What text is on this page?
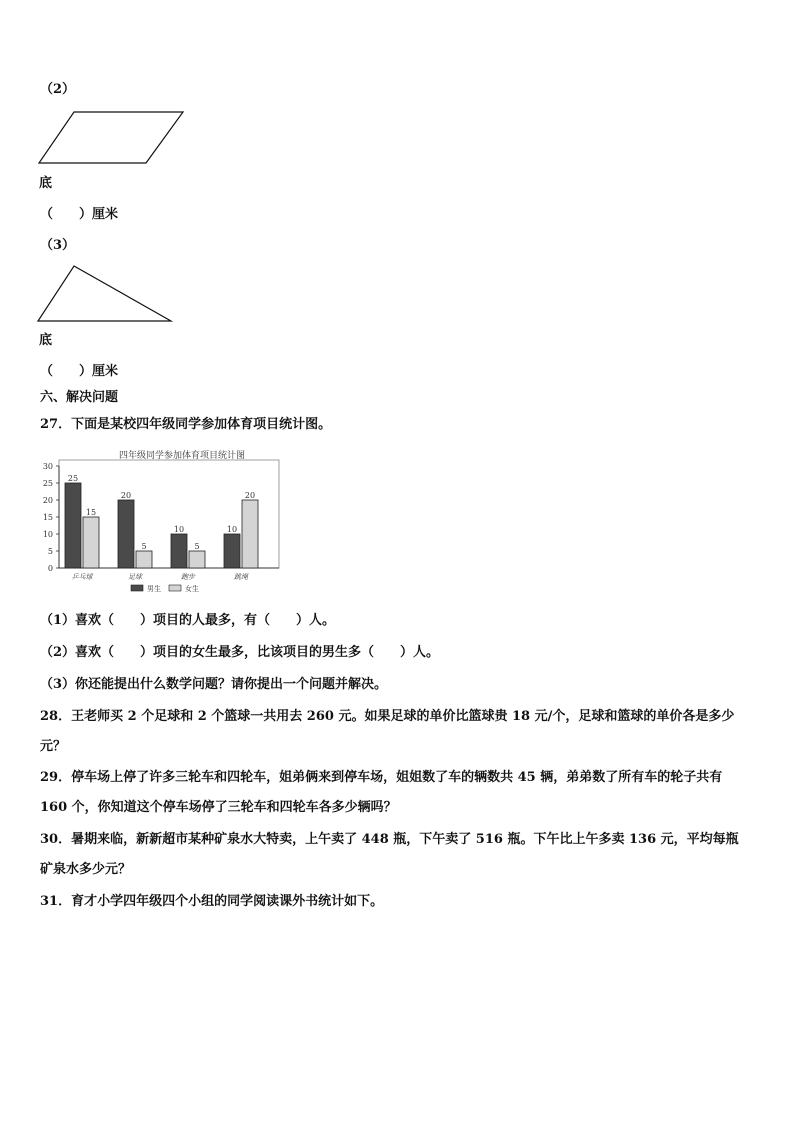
（2）
底
（　　）厘米
（3）
底
（　　）厘米
六、解决问题
27．下面是某校四年级同学参加体育项目统计图。
四年级同学参加体育项目统计图
0
5
10
15
20
25
30
25
15
乒乓球
20
5
足球
10
5
跑步
10
20
跳绳
男生	女生
（1）喜欢（　　）项目的人最多，有（　　）人。
（2）喜欢（　　）项目的女生最多，比该项目的男生多（　　）人。
（3）你还能提出什么数学问题？请你提出一个问题并解决。
28．王老师买 2 个足球和 2 个篮球一共用去 260 元。如果足球的单价比篮球贵 18 元/个，足球和篮球的单价各是多少
元？
29．停车场上停了许多三轮车和四轮车，姐弟俩来到停车场，姐姐数了车的辆数共 45 辆，弟弟数了所有车的轮子共有
160 个，你知道这个停车场停了三轮车和四轮车各多少辆吗？
30．暑期来临，新新超市某种矿泉水大特卖，上午卖了 448 瓶，下午卖了 516 瓶。下午比上午多卖 136 元，平均每瓶
矿泉水多少元？
31．育才小学四年级四个小组的同学阅读课外书统计如下。
